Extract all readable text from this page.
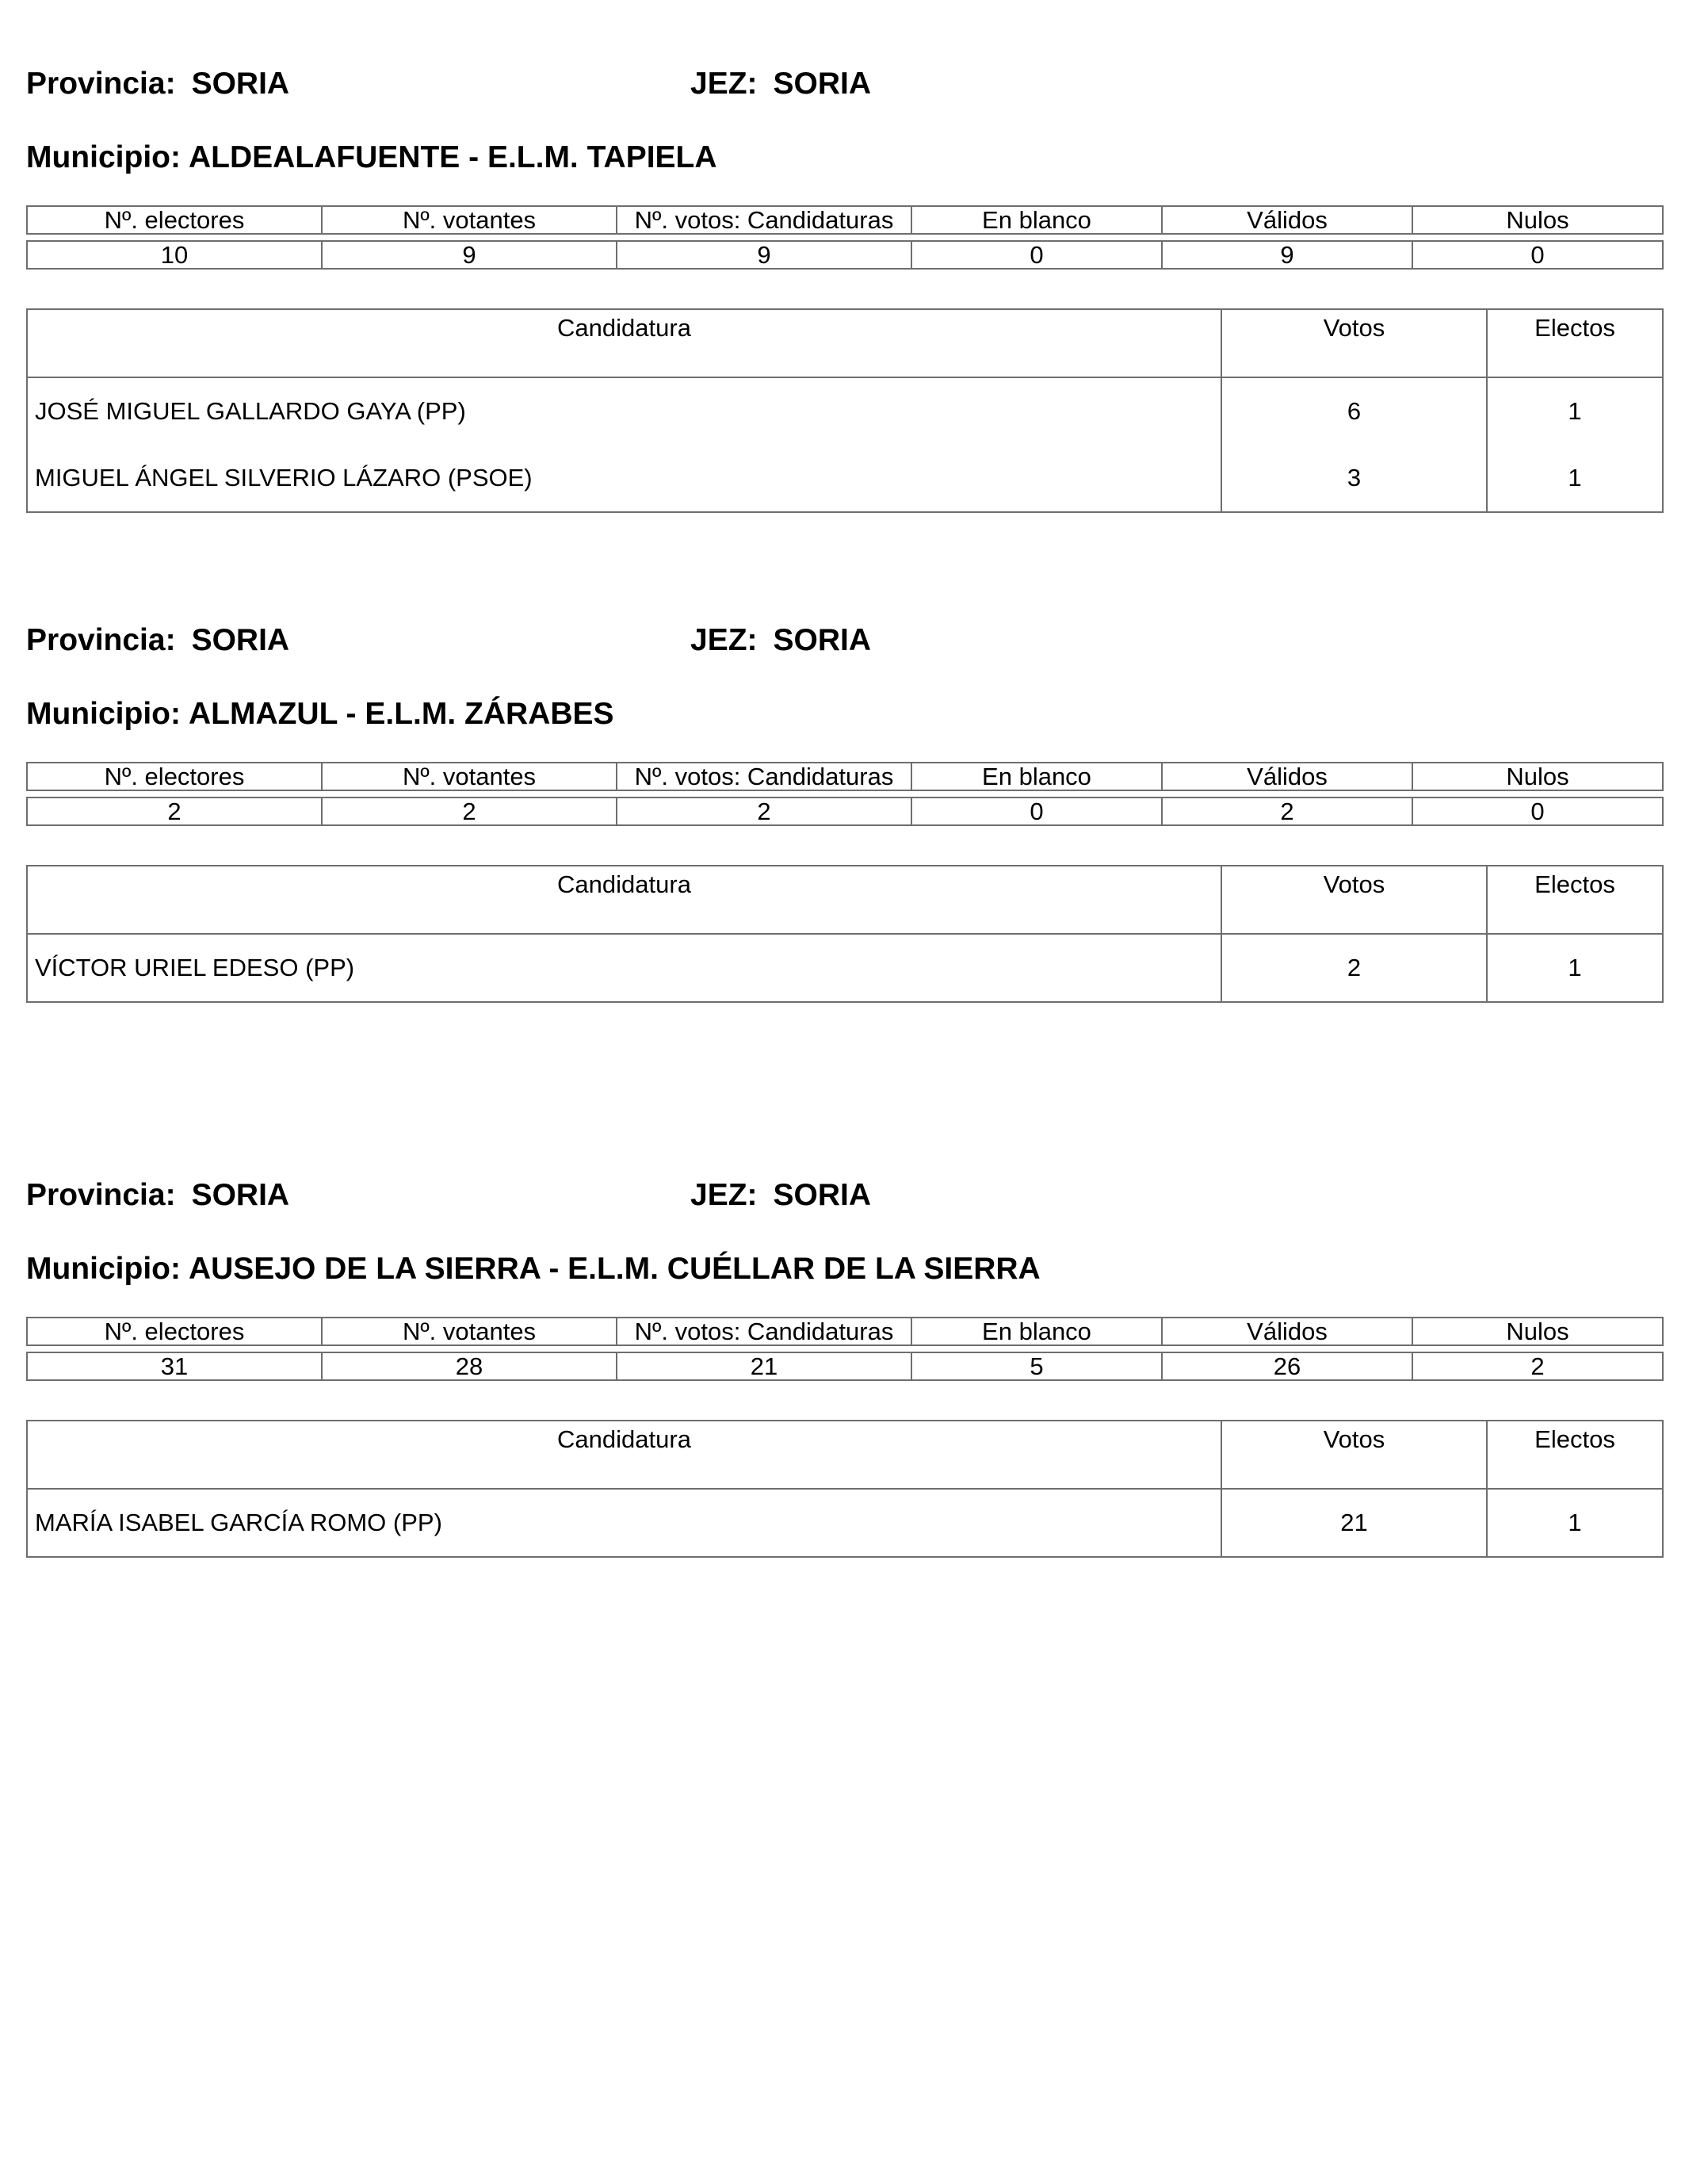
Provincia: SORIA	JEZ: SORIA
Municipio: ALDEALAFUENTE - E.L.M. TAPIELA
Nº. electores	Nº. votantes	Nº. votos: Candidaturas	En blanco	Válidos	Nulos

10	9	9	0	9	0
Candidatura	Votos	Electos
JOSÉ MIGUEL GALLARDO GAYA (PP)	6	1
MIGUEL ÁNGEL SILVERIO LÁZARO (PSOE)	3	1
Provincia: SORIA	JEZ: SORIA
Municipio: ALMAZUL - E.L.M. ZÁRABES
Nº. electores	Nº. votantes	Nº. votos: Candidaturas	En blanco	Válidos	Nulos

2	2	2	0	2	0
Candidatura	Votos	Electos
VÍCTOR URIEL EDESO (PP)	2	1
Provincia: SORIA	JEZ: SORIA
Municipio: AUSEJO DE LA SIERRA - E.L.M. CUÉLLAR DE LA SIERRA
Nº. electores	Nº. votantes	Nº. votos: Candidaturas	En blanco	Válidos	Nulos

31	28	21	5	26	2
Candidatura	Votos	Electos
MARÍA ISABEL GARCÍA ROMO (PP)	21	1
